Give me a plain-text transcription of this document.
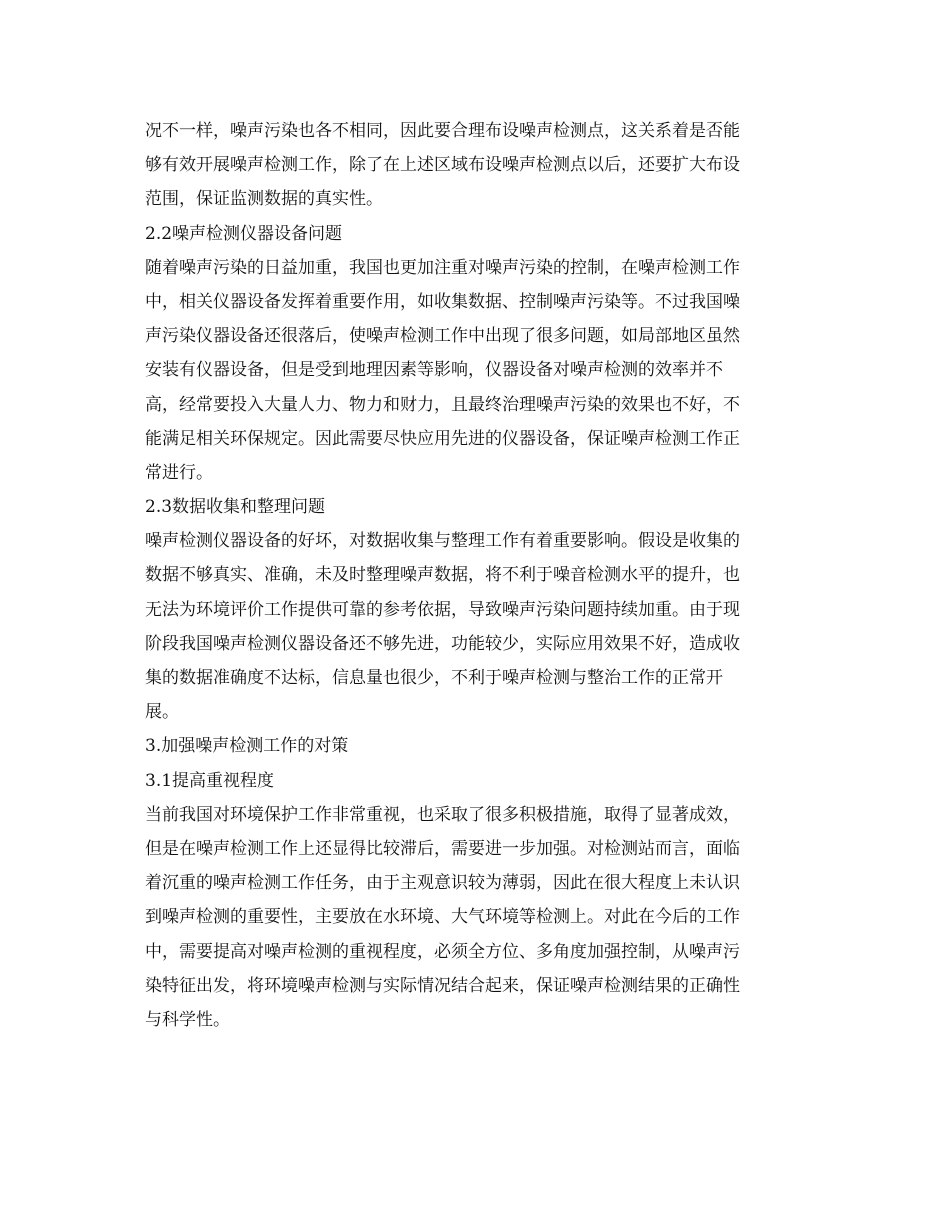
况不一样，噪声污染也各不相同，因此要合理布设噪声检测点，这关系着是否能
够有效开展噪声检测工作，除了在上述区域布设噪声检测点以后，还要扩大布设
范围，保证监测数据的真实性。
2.2噪声检测仪器设备问题
随着噪声污染的日益加重，我国也更加注重对噪声污染的控制，在噪声检测工作
中，相关仪器设备发挥着重要作用，如收集数据、控制噪声污染等。不过我国噪
声污染仪器设备还很落后，使噪声检测工作中出现了很多问题，如局部地区虽然
安装有仪器设备，但是受到地理因素等影响，仪器设备对噪声检测的效率并不
高，经常要投入大量人力、物力和财力，且最终治理噪声污染的效果也不好，不
能满足相关环保规定。因此需要尽快应用先进的仪器设备，保证噪声检测工作正
常进行。
2.3数据收集和整理问题
噪声检测仪器设备的好坏，对数据收集与整理工作有着重要影响。假设是收集的
数据不够真实、准确，未及时整理噪声数据，将不利于噪音检测水平的提升，也
无法为环境评价工作提供可靠的参考依据，导致噪声污染问题持续加重。由于现
阶段我国噪声检测仪器设备还不够先进，功能较少，实际应用效果不好，造成收
集的数据准确度不达标，信息量也很少，不利于噪声检测与整治工作的正常开
展。
3.加强噪声检测工作的对策
3.1提高重视程度
当前我国对环境保护工作非常重视，也采取了很多积极措施，取得了显著成效，
但是在噪声检测工作上还显得比较滞后，需要进一步加强。对检测站而言，面临
着沉重的噪声检测工作任务，由于主观意识较为薄弱，因此在很大程度上未认识
到噪声检测的重要性，主要放在水环境、大气环境等检测上。对此在今后的工作
中，需要提高对噪声检测的重视程度，必须全方位、多角度加强控制，从噪声污
染特征出发，将环境噪声检测与实际情况结合起来，保证噪声检测结果的正确性
与科学性。
